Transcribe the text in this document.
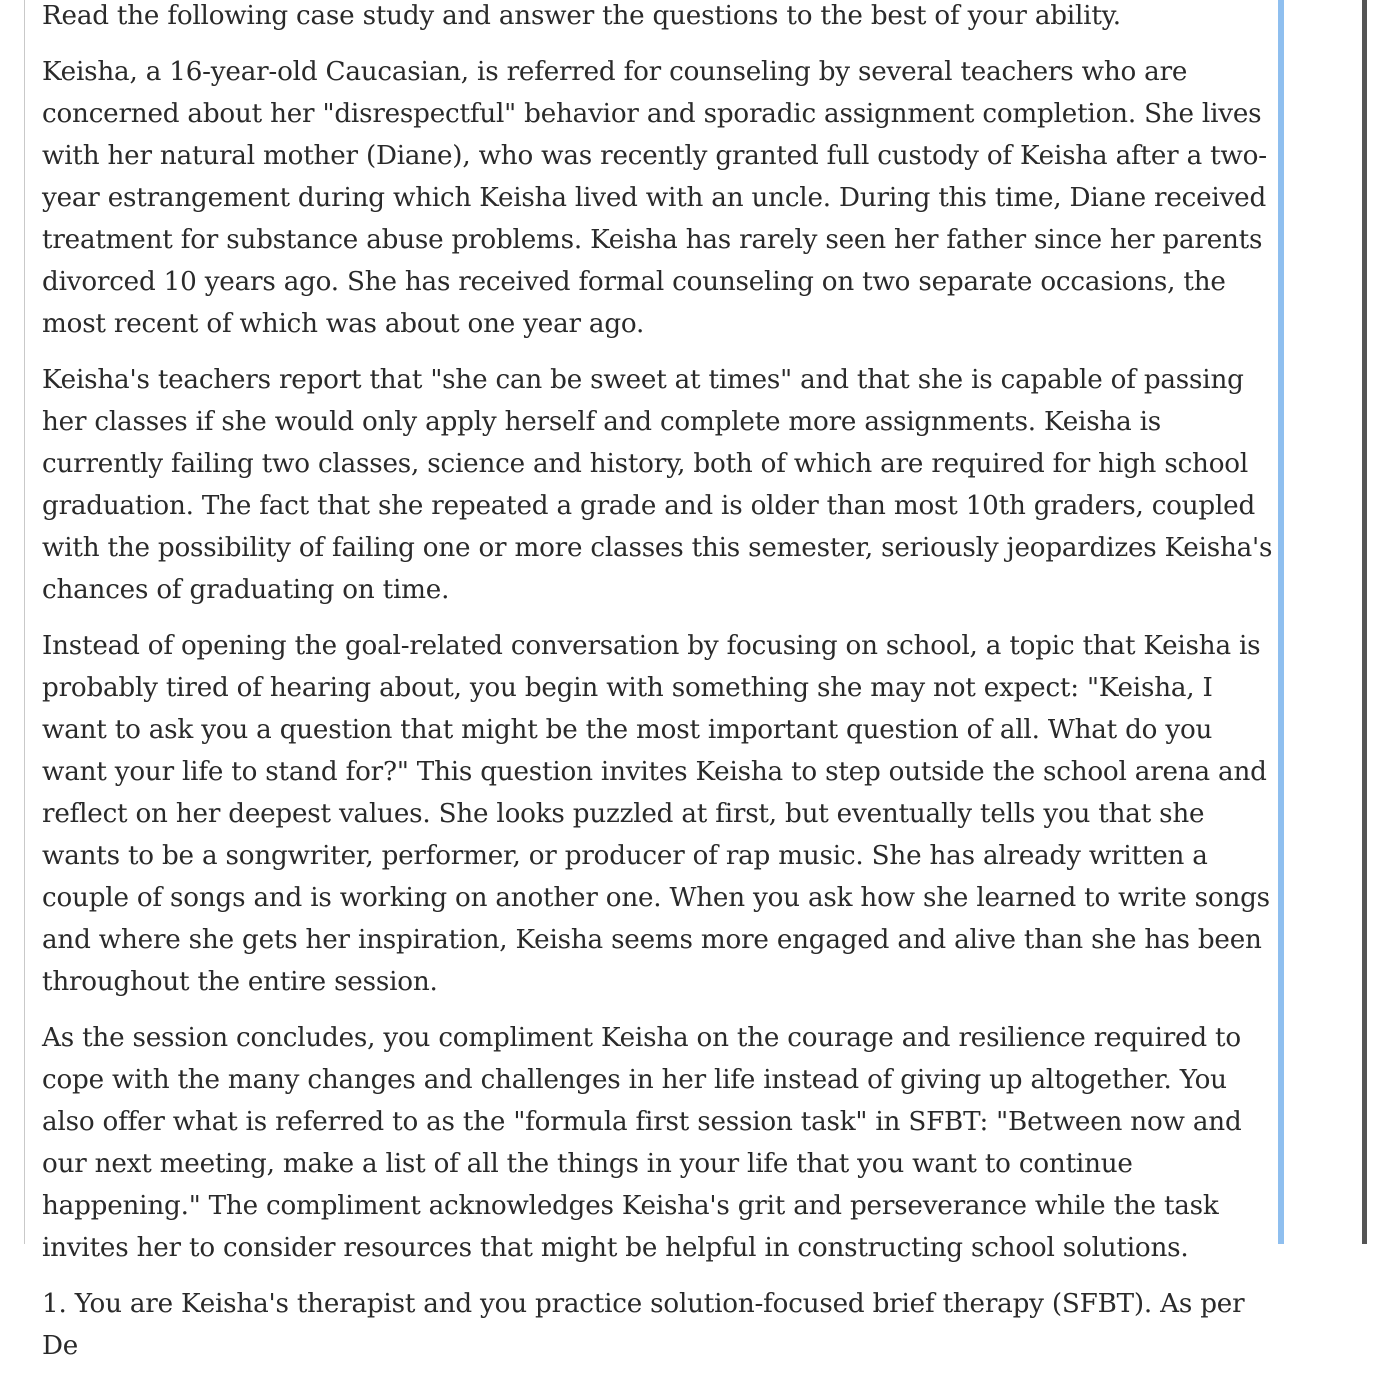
Read the following case study and answer the questions to the best of your ability.

Keisha, a 16-year-old Caucasian, is referred for counseling by several teachers who are concerned about her "disrespectful" behavior and sporadic assignment completion. She lives with her natural mother (Diane), who was recently granted full custody of Keisha after a two-year estrangement during which Keisha lived with an uncle. During this time, Diane received treatment for substance abuse problems. Keisha has rarely seen her father since her parents divorced 10 years ago. She has received formal counseling on two separate occasions, the most recent of which was about one year ago.

Keisha's teachers report that "she can be sweet at times" and that she is capable of passing her classes if she would only apply herself and complete more assignments. Keisha is currently failing two classes, science and history, both of which are required for high school graduation. The fact that she repeated a grade and is older than most 10th graders, coupled with the possibility of failing one or more classes this semester, seriously jeopardizes Keisha's chances of graduating on time.

Instead of opening the goal-related conversation by focusing on school, a topic that Keisha is probably tired of hearing about, you begin with something she may not expect: "Keisha, I want to ask you a question that might be the most important question of all. What do you want your life to stand for?" This question invites Keisha to step outside the school arena and reflect on her deepest values. She looks puzzled at first, but eventually tells you that she wants to be a songwriter, performer, or producer of rap music. She has already written a couple of songs and is working on another one. When you ask how she learned to write songs and where she gets her inspiration, Keisha seems more engaged and alive than she has been throughout the entire session.

As the session concludes, you compliment Keisha on the courage and resilience required to cope with the many changes and challenges in her life instead of giving up altogether. You also offer what is referred to as the "formula first session task" in SFBT: "Between now and our next meeting, make a list of all the things in your life that you want to continue happening." The compliment acknowledges Keisha's grit and perseverance while the task invites her to consider resources that might be helpful in constructing school solutions.

1. You are Keisha's therapist and you practice solution-focused brief therapy (SFBT). As per De
